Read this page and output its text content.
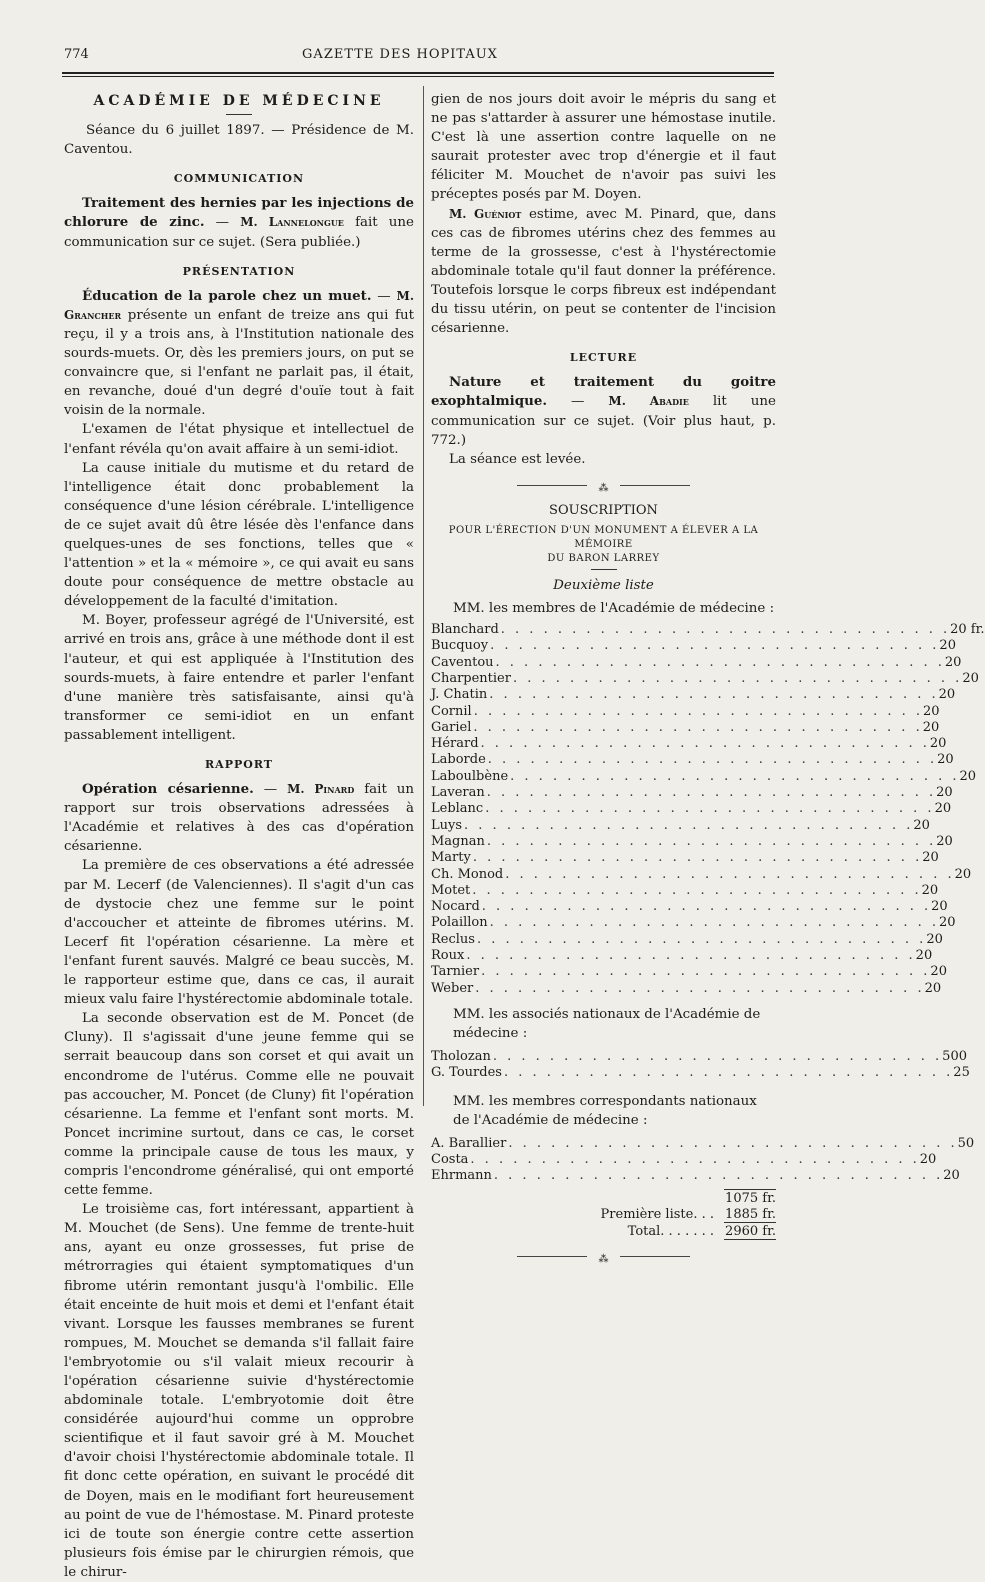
774	GAZETTE DES HOPITAUX
ACADÉMIE DE MÉDECINE

Séance du 6 juillet 1897. — Présidence de M. Caventou.

COMMUNICATION

Traitement des hernies par les injections de chlorure de zinc. — M. Lannelongue fait une communication sur ce sujet. (Sera publiée.)

PRÉSENTATION

Éducation de la parole chez un muet. — M. Grancher présente un enfant de treize ans qui fut reçu, il y a trois ans, à l'Institution nationale des sourds-muets. Or, dès les premiers jours, on put se convaincre que, si l'enfant ne parlait pas, il était, en revanche, doué d'un degré d'ouïe tout à fait voisin de la normale.

L'examen de l'état physique et intellectuel de l'enfant révéla qu'on avait affaire à un semi-idiot.

La cause initiale du mutisme et du retard de l'intelligence était donc probablement la conséquence d'une lésion cérébrale. L'intelligence de ce sujet avait dû être lésée dès l'enfance dans quelques-unes de ses fonctions, telles que « l'attention » et la « mémoire », ce qui avait eu sans doute pour conséquence de mettre obstacle au développement de la faculté d'imitation.

M. Boyer, professeur agrégé de l'Université, est arrivé en trois ans, grâce à une méthode dont il est l'auteur, et qui est appliquée à l'Institution des sourds-muets, à faire entendre et parler l'enfant d'une manière très satisfaisante, ainsi qu'à transformer ce semi-idiot en un enfant passablement intelligent.

RAPPORT

Opération césarienne. — M. Pinard fait un rapport sur trois observations adressées à l'Académie et relatives à des cas d'opération césarienne.

La première de ces observations a été adressée par M. Lecerf (de Valenciennes). Il s'agit d'un cas de dystocie chez une femme sur le point d'accoucher et atteinte de fibromes utérins. M. Lecerf fit l'opération césarienne. La mère et l'enfant furent sauvés. Malgré ce beau succès, M. le rapporteur estime que, dans ce cas, il aurait mieux valu faire l'hystérectomie abdominale totale.

La seconde observation est de M. Poncet (de Cluny). Il s'agissait d'une jeune femme qui se serrait beaucoup dans son corset et qui avait un encondrome de l'utérus. Comme elle ne pouvait pas accoucher, M. Poncet (de Cluny) fit l'opération césarienne. La femme et l'enfant sont morts. M. Poncet incrimine surtout, dans ce cas, le corset comme la principale cause de tous les maux, y compris l'encondrome généralisé, qui ont emporté cette femme.

Le troisième cas, fort intéressant, appartient à M. Mouchet (de Sens). Une femme de trente-huit ans, ayant eu onze grossesses, fut prise de métrorragies qui étaient symptomatiques d'un fibrome utérin remontant jusqu'à l'ombilic. Elle était enceinte de huit mois et demi et l'enfant était vivant. Lorsque les fausses membranes se furent rompues, M. Mouchet se demanda s'il fallait faire l'embryotomie ou s'il valait mieux recourir à l'opération césarienne suivie d'hystérectomie abdominale totale. L'embryotomie doit être considérée aujourd'hui comme un opprobre scientifique et il faut savoir gré à M. Mouchet d'avoir choisi l'hystérectomie abdominale totale. Il fit donc cette opération, en suivant le procédé dit de Doyen, mais en le modifiant fort heureusement au point de vue de l'hémostase. M. Pinard proteste ici de toute son énergie contre cette assertion plusieurs fois émise par le chirurgien rémois, que le chirur-

gien de nos jours doit avoir le mépris du sang et ne pas s'attarder à assurer une hémostase inutile. C'est là une assertion contre laquelle on ne saurait protester avec trop d'énergie et il faut féliciter M. Mouchet de n'avoir pas suivi les préceptes posés par M. Doyen.

M. Guéniot estime, avec M. Pinard, que, dans ces cas de fibromes utérins chez des femmes au terme de la grossesse, c'est à l'hystérectomie abdominale totale qu'il faut donner la préférence. Toutefois lorsque le corps fibreux est indépendant du tissu utérin, on peut se contenter de l'incision césarienne.

LECTURE

Nature et traitement du goitre exophtalmique. — M. Abadie lit une communication sur ce sujet. (Voir plus haut, p. 772.)

La séance est levée.

⁂
SOUSCRIPTION
POUR L'ÉRECTION D'UN MONUMENT A ÉLEVER A LA MÉMOIRE
DU BARON LARREY
Deuxième liste
MM. les membres de l'Académie de médecine :
Blanchard . . . . . . . . . . . . . . . . . . . . . . . . . . . . . . . . 20 fr.
Bucquoy . . . . . . . . . . . . . . . . . . . . . . . . . . . . . . . . 20
Caventou . . . . . . . . . . . . . . . . . . . . . . . . . . . . . . . . 20
Charpentier . . . . . . . . . . . . . . . . . . . . . . . . . . . . . . . . 20
J. Chatin . . . . . . . . . . . . . . . . . . . . . . . . . . . . . . . . 20
Cornil . . . . . . . . . . . . . . . . . . . . . . . . . . . . . . . . 20
Gariel . . . . . . . . . . . . . . . . . . . . . . . . . . . . . . . . 20
Hérard . . . . . . . . . . . . . . . . . . . . . . . . . . . . . . . . 20
Laborde . . . . . . . . . . . . . . . . . . . . . . . . . . . . . . . . 20
Laboulbène . . . . . . . . . . . . . . . . . . . . . . . . . . . . . . . . 20
Laveran . . . . . . . . . . . . . . . . . . . . . . . . . . . . . . . . 20
Leblanc . . . . . . . . . . . . . . . . . . . . . . . . . . . . . . . . 20
Luys . . . . . . . . . . . . . . . . . . . . . . . . . . . . . . . . 20
Magnan . . . . . . . . . . . . . . . . . . . . . . . . . . . . . . . . 20
Marty . . . . . . . . . . . . . . . . . . . . . . . . . . . . . . . . 20
Ch. Monod . . . . . . . . . . . . . . . . . . . . . . . . . . . . . . . . 20
Motet . . . . . . . . . . . . . . . . . . . . . . . . . . . . . . . . 20
Nocard . . . . . . . . . . . . . . . . . . . . . . . . . . . . . . . . 20
Polaillon . . . . . . . . . . . . . . . . . . . . . . . . . . . . . . . . 20
Reclus . . . . . . . . . . . . . . . . . . . . . . . . . . . . . . . . 20
Roux . . . . . . . . . . . . . . . . . . . . . . . . . . . . . . . . 20
Tarnier . . . . . . . . . . . . . . . . . . . . . . . . . . . . . . . . 20
Weber . . . . . . . . . . . . . . . . . . . . . . . . . . . . . . . . 20
MM. les associés nationaux de l'Académie de
médecine :
Tholozan . . . . . . . . . . . . . . . . . . . . . . . . . . . . . . . . 500
G. Tourdes . . . . . . . . . . . . . . . . . . . . . . . . . . . . . . . . 25
MM. les membres correspondants nationaux
de l'Académie de médecine :
A. Barallier . . . . . . . . . . . . . . . . . . . . . . . . . . . . . . . . 50
Costa . . . . . . . . . . . . . . . . . . . . . . . . . . . . . . . . 20
Ehrmann . . . . . . . . . . . . . . . . . . . . . . . . . . . . . . . . 20
1075 fr.
Première liste. . . 1885 fr.
Total. . . . . . . 2960 fr.
⁂
